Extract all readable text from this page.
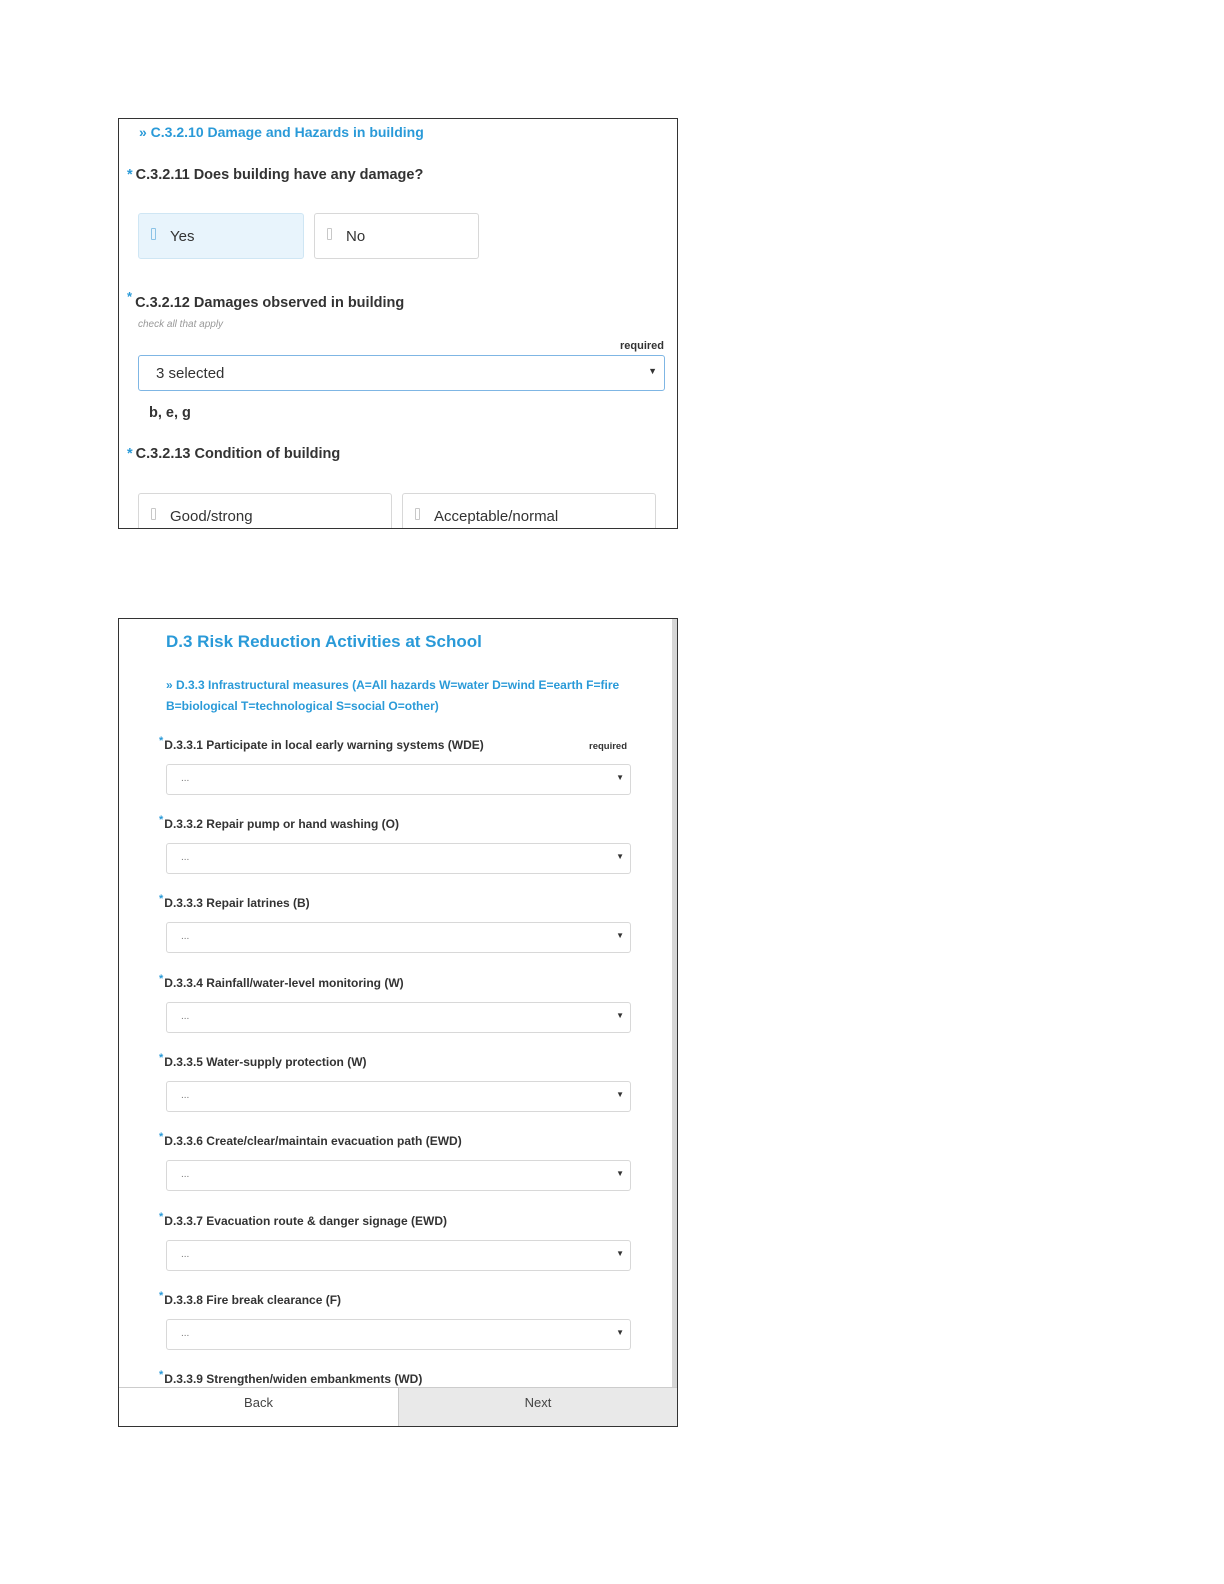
» C.3.2.10 Damage and Hazards in building
* C.3.2.11 Does building have any damage?
Yes	No
* C.3.2.12 Damages observed in building
check all that apply
required
3 selected	▼
b, e, g
* C.3.2.13 Condition of building
Good/strong	Acceptable/normal
D.3 Risk Reduction Activities at School
» D.3.3 Infrastructural measures (A=All hazards W=water D=wind E=earth F=fire B=biological T=technological S=social O=other)
required
*D.3.3.1 Participate in local early warning systems (WDE)
...	▼
*D.3.3.2 Repair pump or hand washing (O)
...	▼
*D.3.3.3 Repair latrines (B)
...	▼
*D.3.3.4 Rainfall/water-level monitoring (W)
...	▼
*D.3.3.5 Water-supply protection (W)
...	▼
*D.3.3.6 Create/clear/maintain evacuation path (EWD)
...	▼
*D.3.3.7 Evacuation route & danger signage (EWD)
...	▼
*D.3.3.8 Fire break clearance (F)
...	▼
*D.3.3.9 Strengthen/widen embankments (WD)
Back	Next
